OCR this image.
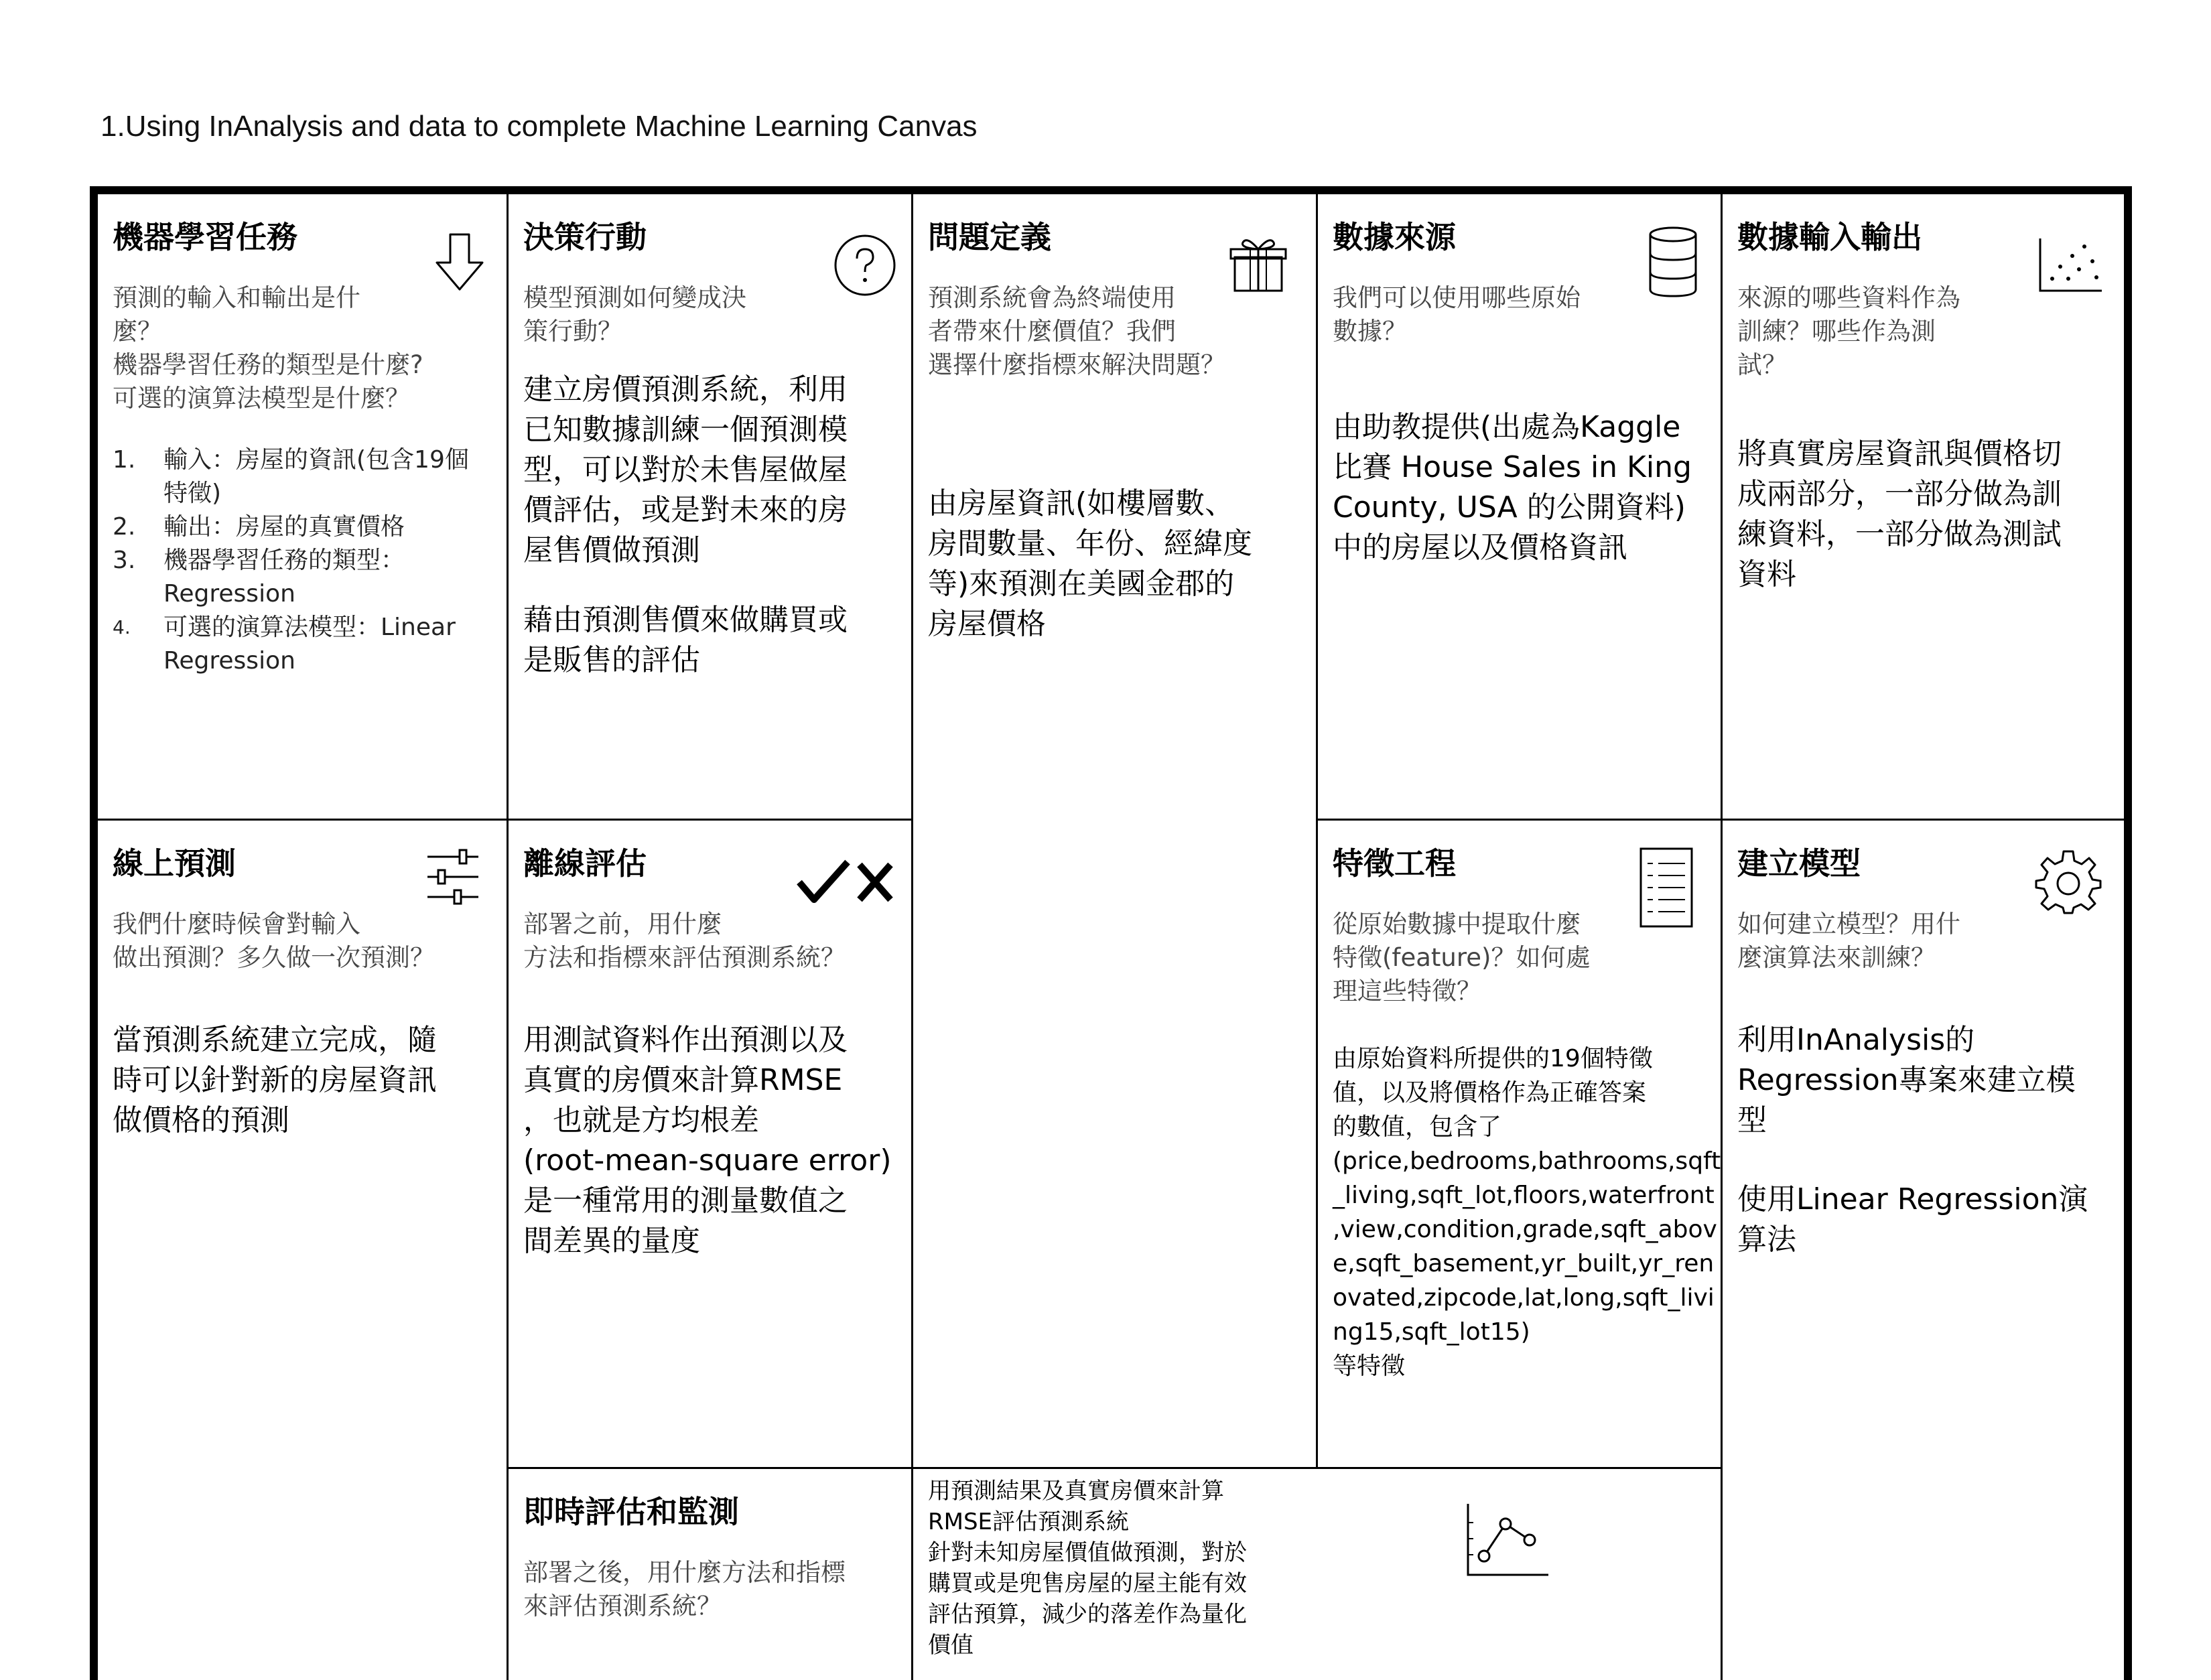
1.Using InAnalysis and data to complete Machine Learning Canvas
機器學習任務
預測的輸入和輸出是什
麼？
機器學習任務的類型是什麼?
可選的演算法模型是什麼？
1. 輸入：房屋的資訊(包含19個特徵)
2. 輸出：房屋的真實價格
3. 機器學習任務的類型：Regression
4. 可選的演算法模型：Linear Regression
決策行動
模型預測如何變成決
策行動？
建立房價預測系統，利用
已知數據訓練一個預測模
型，可以對於未售屋做屋
價評估，或是對未來的房
屋售價做預測
藉由預測售價來做購買或
是販售的評估
問題定義
預測系統會為終端使用
者帶來什麼價值？我們
選擇什麼指標來解決問題？
由房屋資訊(如樓層數、
房間數量、年份、經緯度
等)來預測在美國金郡的
房屋價格
數據來源
我們可以使用哪些原始
數據？
由助教提供(出處為Kaggle
比賽 House Sales in King
County, USA 的公開資料)
中的房屋以及價格資訊
數據輸入輸出
來源的哪些資料作為
訓練？哪些作為測
試？
將真實房屋資訊與價格切
成兩部分，一部分做為訓
練資料，一部分做為測試
資料
線上預測
我們什麼時候會對輸入
做出預測？多久做一次預測？
當預測系統建立完成，隨
時可以針對新的房屋資訊
做價格的預測
離線評估
部署之前，用什麼
方法和指標來評估預測系統？
用測試資料作出預測以及
真實的房價來計算RMSE
，也就是方均根差
(root-mean-square error)
是一種常用的測量數值之
間差異的量度
特徵工程
從原始數據中提取什麼
特徵(feature)？如何處
理這些特徵？
由原始資料所提供的19個特徵
值，以及將價格作為正確答案
的數值，包含了
(price,bedrooms,bathrooms,sqft
_living,sqft_lot,floors,waterfront
,view,condition,grade,sqft_abov
e,sqft_basement,yr_built,yr_ren
ovated,zipcode,lat,long,sqft_livi
ng15,sqft_lot15)
等特徵
建立模型
如何建立模型？用什
麼演算法來訓練？
利用InAnalysis的
Regression專案來建立模
型
使用Linear Regression演
算法
即時評估和監測
部署之後，用什麼方法和指標
來評估預測系統？
用預測結果及真實房價來計算
RMSE評估預測系統
針對未知房屋價值做預測，對於
購買或是兜售房屋的屋主能有效
評估預算，減少的落差作為量化
價值
